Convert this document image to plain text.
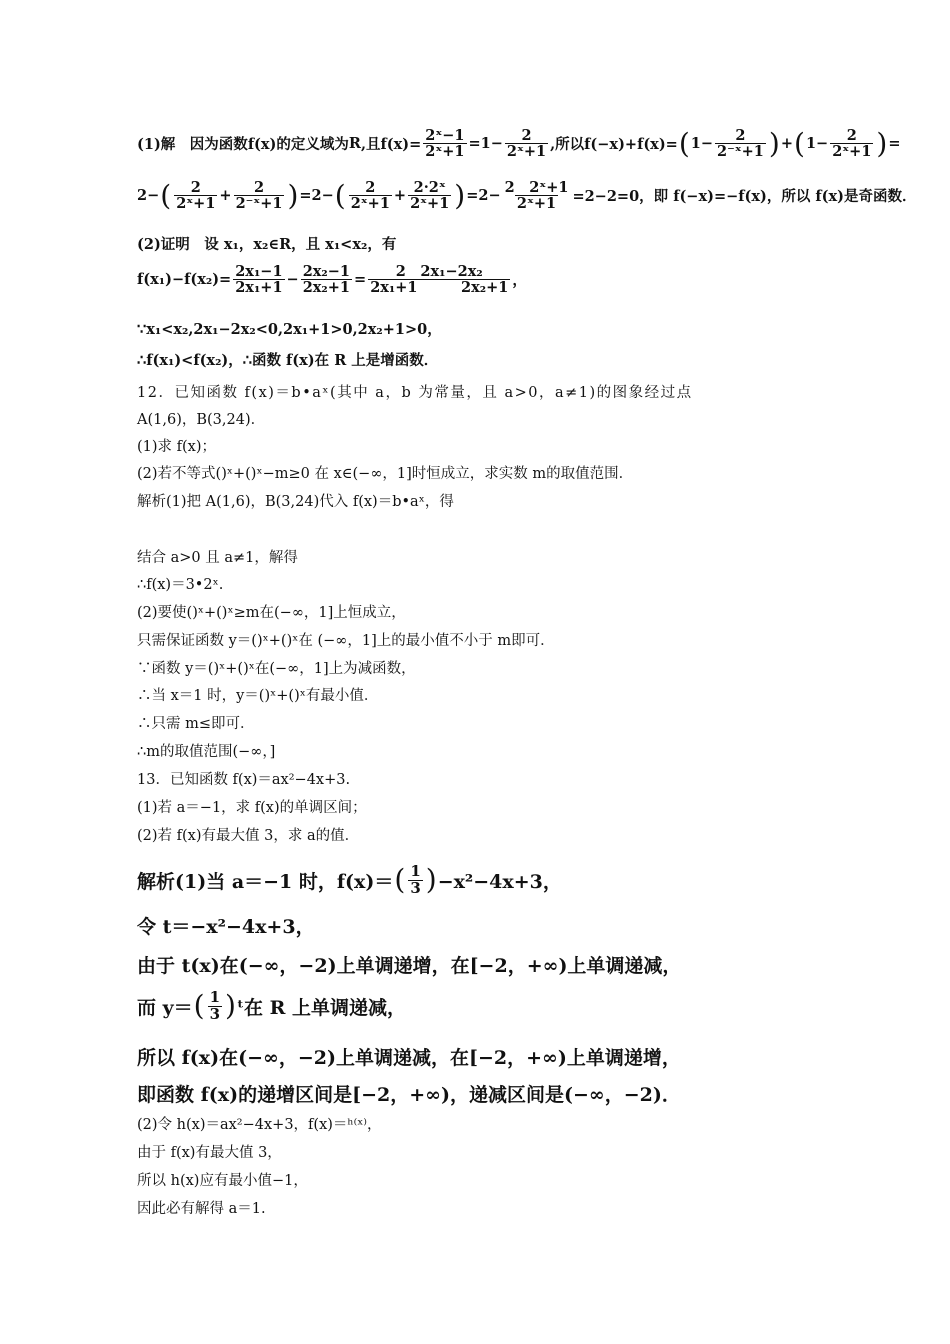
(1)解　因为函数 f(x)的定义域为 R ,且$f(x)= \frac{\text{2ˣ−1}}{\text{2ˣ+1}} =1- \frac{2}{\text{2ˣ+1}}$ ,所以f(−x)+f(x)= ( $1- \frac{2}{\text{2⁻ˣ+1}}$ ) + ( $1- \frac{2}{\text{2ˣ+1}}$ ) =
2− ( $\frac{2}{\text{2ˣ+1}} + \frac{2}{\text{2⁻ˣ+1}}$ ) =2− ( $\frac{2}{\text{2ˣ+1}} + \frac{\text{2·2ˣ}}{\text{2ˣ+1}}$ ) $=2- \frac{\text{2　2ˣ+1}}{\text{2ˣ+1}} =2-2=0$，即 f(−x)=−f(x)，所以 f(x)是奇函数．
(2)证明　设 x₁，x₂∈R，且 x₁<x₂，有
$f(x_1)-f(x_2)= \frac{\text{2x₁−1}}{\text{2x₁+1}} - \frac{\text{2x₂−1}}{\text{2x₂+1}} = \frac{\text{2　2x₁−2x₂}}{\text{2x₁+1　　　2x₂+1}}$ ，
∵x₁<x₂,2x₁−2x₂<0,2x₁+1>0,2x₂+1>0，
∴f(x₁)<f(x₂)，∴函数 f(x)在 R 上是增函数．
12．已知函数 f(x)＝b•aˣ(其中 a，b 为常量，且 a>0，a≠1)的图象经过点
A(1,6)，B(3,24)．
(1)求 f(x)；
(2)若不等式()ˣ+()ˣ−m≥0 在 x∈(−∞，1]时恒成立，求实数 m的取值范围．
解析(1)把 A(1,6)，B(3,24)代入 f(x)＝b•aˣ，得
结合 a>0 且 a≠1，解得
∴f(x)＝3•2ˣ.
(2)要使()ˣ+()ˣ≥m在(−∞，1]上恒成立，
只需保证函数 y＝()ˣ+()ˣ在 (−∞，1]上的最小值不小于 m即可．
∵函数 y＝()ˣ+()ˣ在(−∞，1]上为减函数，
∴当 x＝1 时，y＝()ˣ+()ˣ有最小值．
∴只需 m≤即可．
∴m的取值范围(−∞，]
13．已知函数 f(x)＝ax²−4x+3.
(1)若 a＝−1，求 f(x)的单调区间；
(2)若 f(x)有最大值 3，求 a的值．
解析(1)当 a＝−1 时，f(x)＝ ( $\frac{1}{3}$ ) −x²−4x+3，
令 t＝−x²−4x+3，
由于 t(x)在(−∞，−2)上单调递增，在[−2，+∞)上单调递减，
而 y＝ ( $\frac{1}{3}$ ) ᵗ在 R 上单调递减，
所以 f(x)在(−∞，−2)上单调递减，在[−2，+∞)上单调递增，
即函数 f(x)的递增区间是[−2，+∞)，递减区间是(−∞，−2)．
(2)令 h(x)＝ax²−4x+3，f(x)＝ʰ⁽ˣ⁾，
由于 f(x)有最大值 3，
所以 h(x)应有最小值−1，
因此必有解得 a＝1.
